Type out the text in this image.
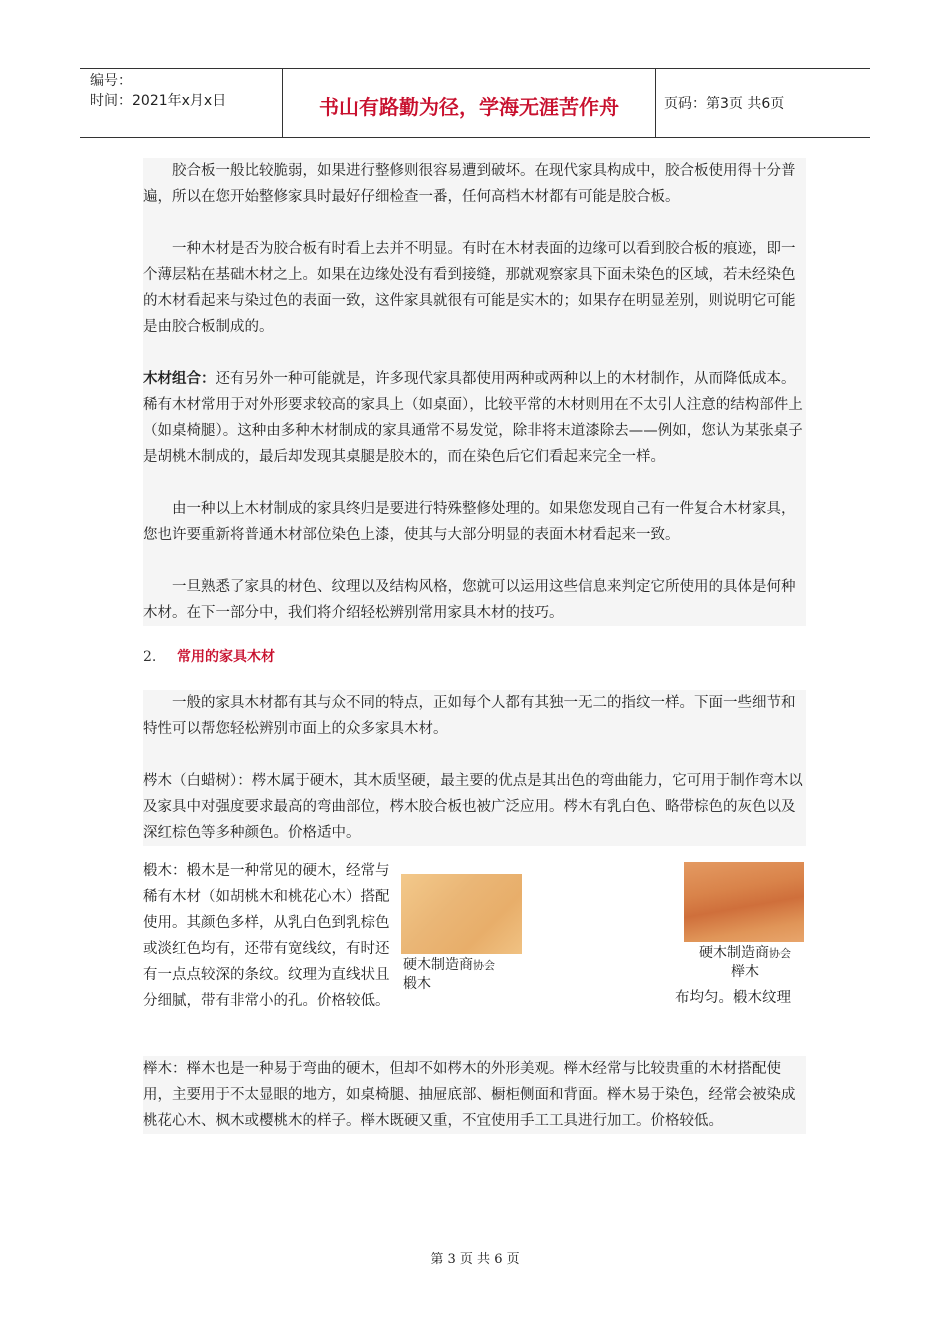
编号：
时间：2021年x月x日	书山有路勤为径，学海无涯苦作舟	页码：第3页 共6页

胶合板一般比较脆弱，如果进行整修则很容易遭到破坏。在现代家具构成中，胶合板使用得十分普遍，所以在您开始整修家具时最好仔细检查一番，任何高档木材都有可能是胶合板。

一种木材是否为胶合板有时看上去并不明显。有时在木材表面的边缘可以看到胶合板的痕迹，即一个薄层粘在基础木材之上。如果在边缘处没有看到接缝，那就观察家具下面未染色的区域，若未经染色的木材看起来与染过色的表面一致，这件家具就很有可能是实木的；如果存在明显差别，则说明它可能是由胶合板制成的。

木材组合：还有另外一种可能就是，许多现代家具都使用两种或两种以上的木材制作，从而降低成本。稀有木材常用于对外形要求较高的家具上（如桌面），比较平常的木材则用在不太引人注意的结构部件上（如桌椅腿）。这种由多种木材制成的家具通常不易发觉，除非将末道漆除去——例如，您认为某张桌子是胡桃木制成的，最后却发现其桌腿是胶木的，而在染色后它们看起来完全一样。

由一种以上木材制成的家具终归是要进行特殊整修处理的。如果您发现自己有一件复合木材家具，您也许要重新将普通木材部位染色上漆，使其与大部分明显的表面木材看起来一致。

一旦熟悉了家具的材色、纹理以及结构风格，您就可以运用这些信息来判定它所使用的具体是何种木材。在下一部分中，我们将介绍轻松辨别常用家具木材的技巧。

2. 常用的家具木材

一般的家具木材都有其与众不同的特点，正如每个人都有其独一无二的指纹一样。下面一些细节和特性可以帮您轻松辨别市面上的众多家具木材。

梣木（白蜡树）：梣木属于硬木，其木质坚硬，最主要的优点是其出色的弯曲能力，它可用于制作弯木以及家具中对强度要求最高的弯曲部位，梣木胶合板也被广泛应用。梣木有乳白色、略带棕色的灰色以及深红棕色等多种颜色。价格适中。

椴木：椴木是一种常见的硬木，经常与稀有木材（如胡桃木和桃花心木）搭配使用。其颜色多样，从乳白色到乳棕色或淡红色均有，还带有宽线纹，有时还有一点点较深的条纹。纹理为直线状且分细腻，带有非常小的孔。价格较低。
硬木制造商协会
椴木
硬木制造商协会
榉木
布均匀。椴木纹理

榉木：榉木也是一种易于弯曲的硬木，但却不如梣木的外形美观。榉木经常与比较贵重的木材搭配使用，主要用于不太显眼的地方，如桌椅腿、抽屉底部、橱柜侧面和背面。榉木易于染色，经常会被染成桃花心木、枫木或樱桃木的样子。榉木既硬又重，不宜使用手工工具进行加工。价格较低。

第 3 页 共 6 页
